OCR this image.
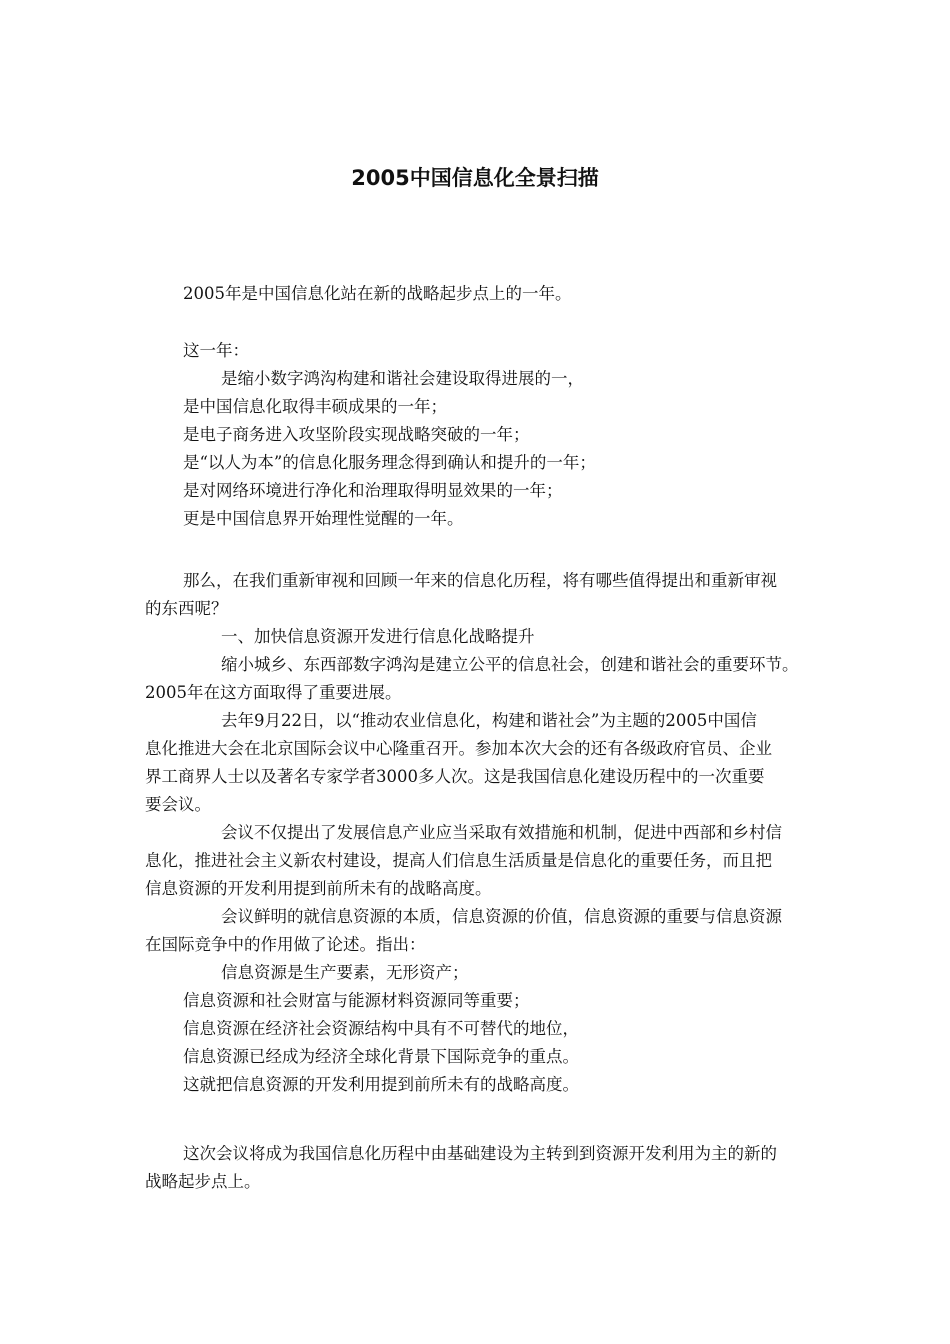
2005中国信息化全景扫描
2005年是中国信息化站在新的战略起步点上的一年。
这一年：
是缩小数字鸿沟构建和谐社会建设取得进展的一，
是中国信息化取得丰硕成果的一年；
是电子商务进入攻坚阶段实现战略突破的一年；
是“以人为本”的信息化服务理念得到确认和提升的一年；
是对网络环境进行净化和治理取得明显效果的一年；
更是中国信息界开始理性觉醒的一年。
那么，在我们重新审视和回顾一年来的信息化历程，将有哪些值得提出和重新审视
的东西呢？
一、加快信息资源开发进行信息化战略提升
缩小城乡、东西部数字鸿沟是建立公平的信息社会，创建和谐社会的重要环节。
2005年在这方面取得了重要进展。
去年9月22日，以“推动农业信息化，构建和谐社会”为主题的2005中国信
息化推进大会在北京国际会议中心隆重召开。参加本次大会的还有各级政府官员、企业
界工商界人士以及著名专家学者3000多人次。这是我国信息化建设历程中的一次重要
要会议。
会议不仅提出了发展信息产业应当采取有效措施和机制，促进中西部和乡村信
息化，推进社会主义新农村建设，提高人们信息生活质量是信息化的重要任务，而且把
信息资源的开发利用提到前所未有的战略高度。
会议鲜明的就信息资源的本质，信息资源的价值，信息资源的重要与信息资源
在国际竞争中的作用做了论述。指出：
信息资源是生产要素，无形资产；
信息资源和社会财富与能源材料资源同等重要；
信息资源在经济社会资源结构中具有不可替代的地位，
信息资源已经成为经济全球化背景下国际竞争的重点。
这就把信息资源的开发利用提到前所未有的战略高度。
这次会议将成为我国信息化历程中由基础建设为主转到到资源开发利用为主的新的
战略起步点上。
